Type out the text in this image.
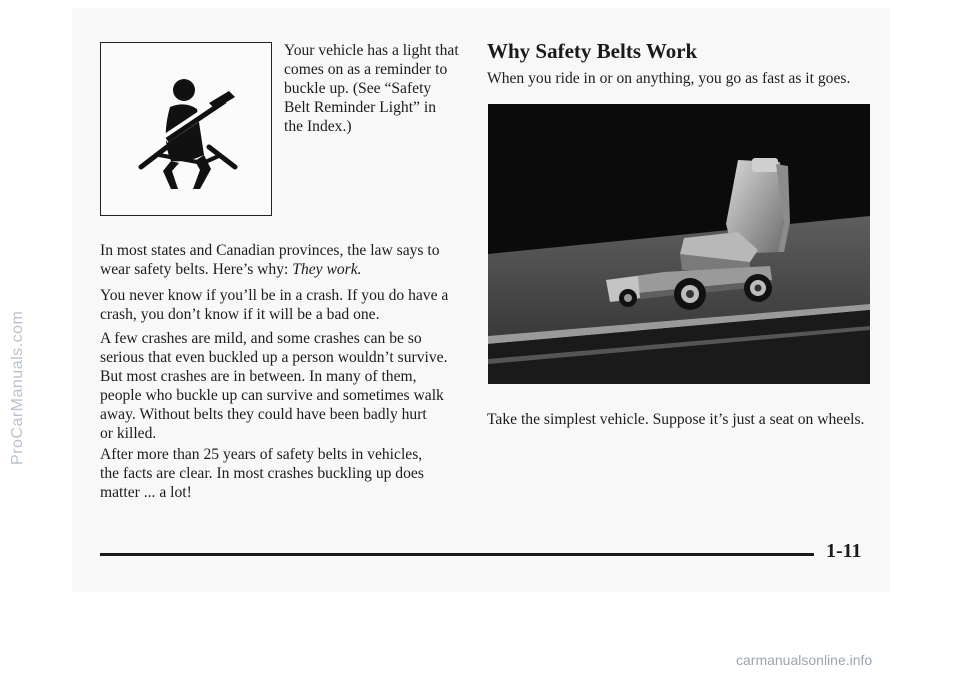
Your vehicle has a light that
comes on as a reminder to
buckle up. (See “Safety
Belt Reminder Light” in
the Index.)

In most states and Canadian provinces, the law says to
wear safety belts. Here’s why: They work.

You never know if you’ll be in a crash. If you do have a
crash, you don’t know if it will be a bad one.

A few crashes are mild, and some crashes can be so
serious that even buckled up a person wouldn’t survive.
But most crashes are in between. In many of them,
people who buckle up can survive and sometimes walk
away. Without belts they could have been badly hurt
or killed.

After more than 25 years of safety belts in vehicles,
the facts are clear. In most crashes buckling up does
matter ... a lot!

Why Safety Belts Work

When you ride in or on anything, you go as fast as it goes.

Take the simplest vehicle. Suppose it’s just a seat on wheels.

1-11

ProCarManuals.com

carmanualsonline.info
